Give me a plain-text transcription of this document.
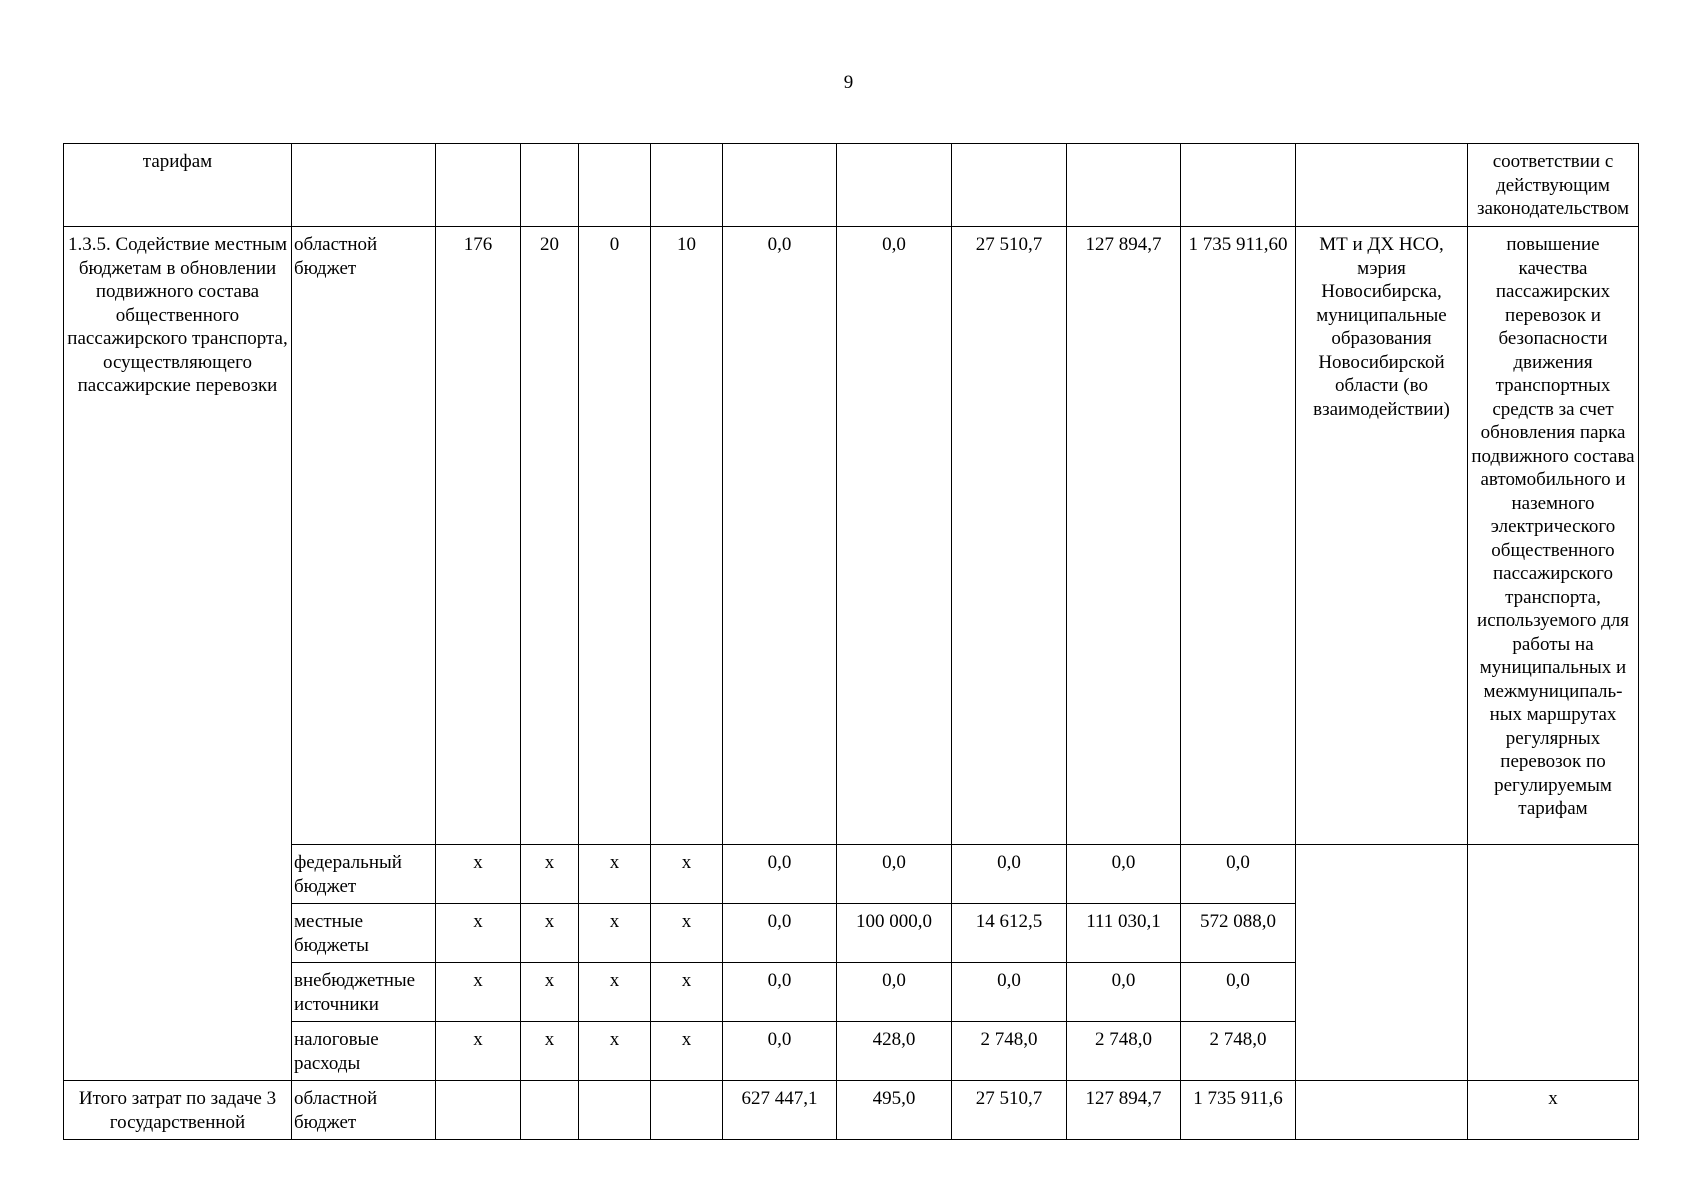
9
тарифам												соответствии с действующим законодательством
1.3.5. Содействие местным бюджетам в обновлении подвижного состава общественного пассажирского транспорта, осуществляющего пассажирские перевозки	областной бюджет	176	20	0	10	0,0	0,0	27 510,7	127 894,7	1 735 911,60	МТ и ДХ НСО, мэрия Новосибирска, муниципальные образования Новосибирской области (во взаимодействии)	повышение качества пассажирских перевозок и безопасности движения транспортных средств за счет обновления парка подвижного состава автомобильного и наземного электрического общественного пассажирского транспорта, используемого для работы на муниципальных и межмуниципаль-ных маршрутах регулярных перевозок по регулируемым тарифам
	федеральный бюджет	x	x	x	x	0,0	0,0	0,0	0,0	0,0		
	местные бюджеты	x	x	x	x	0,0	100 000,0	14 612,5	111 030,1	572 088,0		
	внебюджетные источники	x	x	x	x	0,0	0,0	0,0	0,0	0,0		
	налоговые расходы	x	x	x	x	0,0	428,0	2 748,0	2 748,0	2 748,0		
Итого затрат по задаче 3 государственной	областной бюджет					627 447,1	495,0	27 510,7	127 894,7	1 735 911,6		x
